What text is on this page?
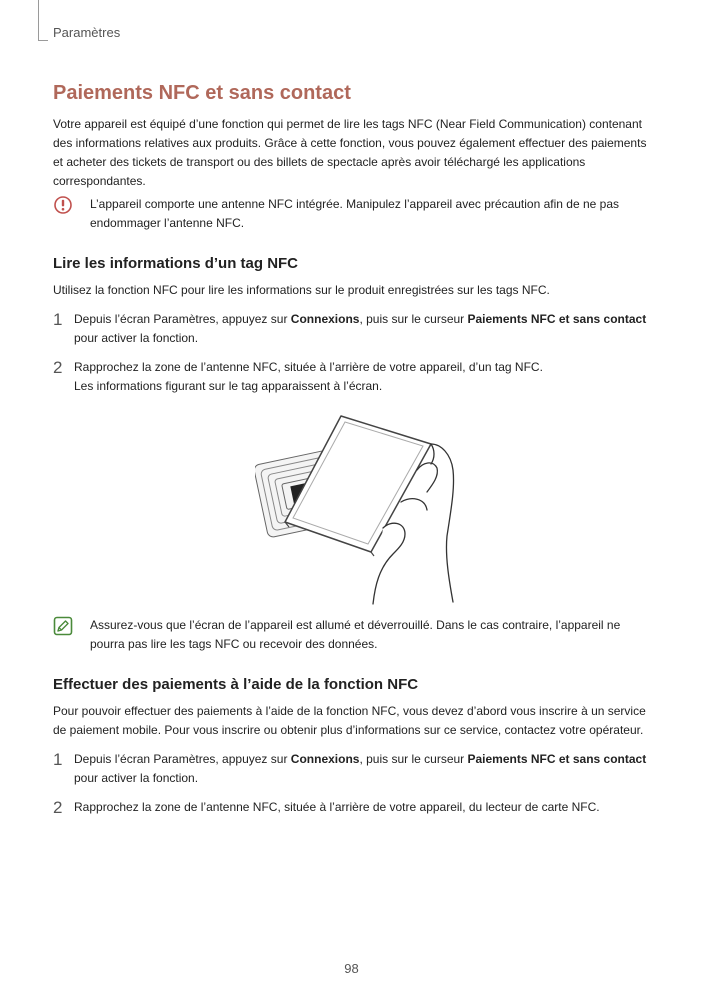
Paramètres
Paiements NFC et sans contact

Votre appareil est équipé d’une fonction qui permet de lire les tags NFC (Near Field Communication) contenant des informations relatives aux produits. Grâce à cette fonction, vous pouvez également effectuer des paiements et acheter des tickets de transport ou des billets de spectacle après avoir téléchargé les applications correspondantes.

L’appareil comporte une antenne NFC intégrée. Manipulez l’appareil avec précaution afin de ne pas endommager l’antenne NFC.

Lire les informations d’un tag NFC

Utilisez la fonction NFC pour lire les informations sur le produit enregistrées sur les tags NFC.

1 Depuis l’écran Paramètres, appuyez sur Connexions, puis sur le curseur Paiements NFC et sans contact pour activer la fonction.

2 Rapprochez la zone de l’antenne NFC, située à l’arrière de votre appareil, d’un tag NFC.
Les informations figurant sur le tag apparaissent à l’écran.

Assurez-vous que l’écran de l’appareil est allumé et déverrouillé. Dans le cas contraire, l’appareil ne pourra pas lire les tags NFC ou recevoir des données.

Effectuer des paiements à l’aide de la fonction NFC

Pour pouvoir effectuer des paiements à l’aide de la fonction NFC, vous devez d’abord vous inscrire à un service de paiement mobile. Pour vous inscrire ou obtenir plus d’informations sur ce service, contactez votre opérateur.

1 Depuis l’écran Paramètres, appuyez sur Connexions, puis sur le curseur Paiements NFC et sans contact pour activer la fonction.

2 Rapprochez la zone de l’antenne NFC, située à l’arrière de votre appareil, du lecteur de carte NFC.

98
